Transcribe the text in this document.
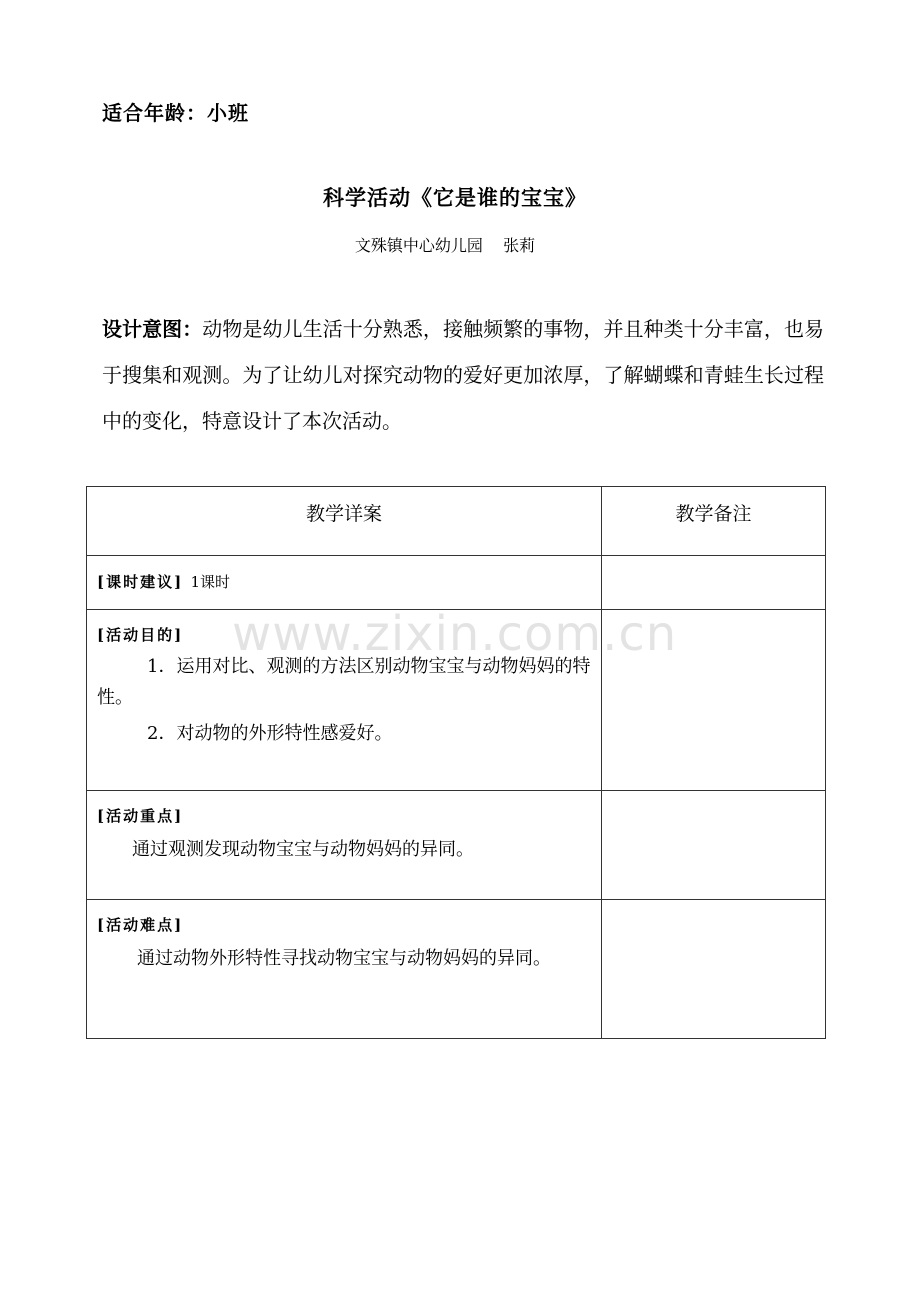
适合年龄：小班
科学活动《它是谁的宝宝》
文殊镇中心幼儿园    张莉
设计意图：动物是幼儿生活十分熟悉，接触频繁的事物，并且种类十分丰富，也易于搜集和观测。为了让幼儿对探究动物的爱好更加浓厚，了解蝴蝶和青蛙生长过程中的变化，特意设计了本次活动。
教学详案	教学备注

[课时建议] 1课时	

[活动目的]
1．运用对比、观测的方法区别动物宝宝与动物妈妈的特性。
2．对动物的外形特性感爱好。	

[活动重点]
通过观测发现动物宝宝与动物妈妈的异同。	

[活动难点]
通过动物外形特性寻找动物宝宝与动物妈妈的异同。	

www.zixin.com.cn
